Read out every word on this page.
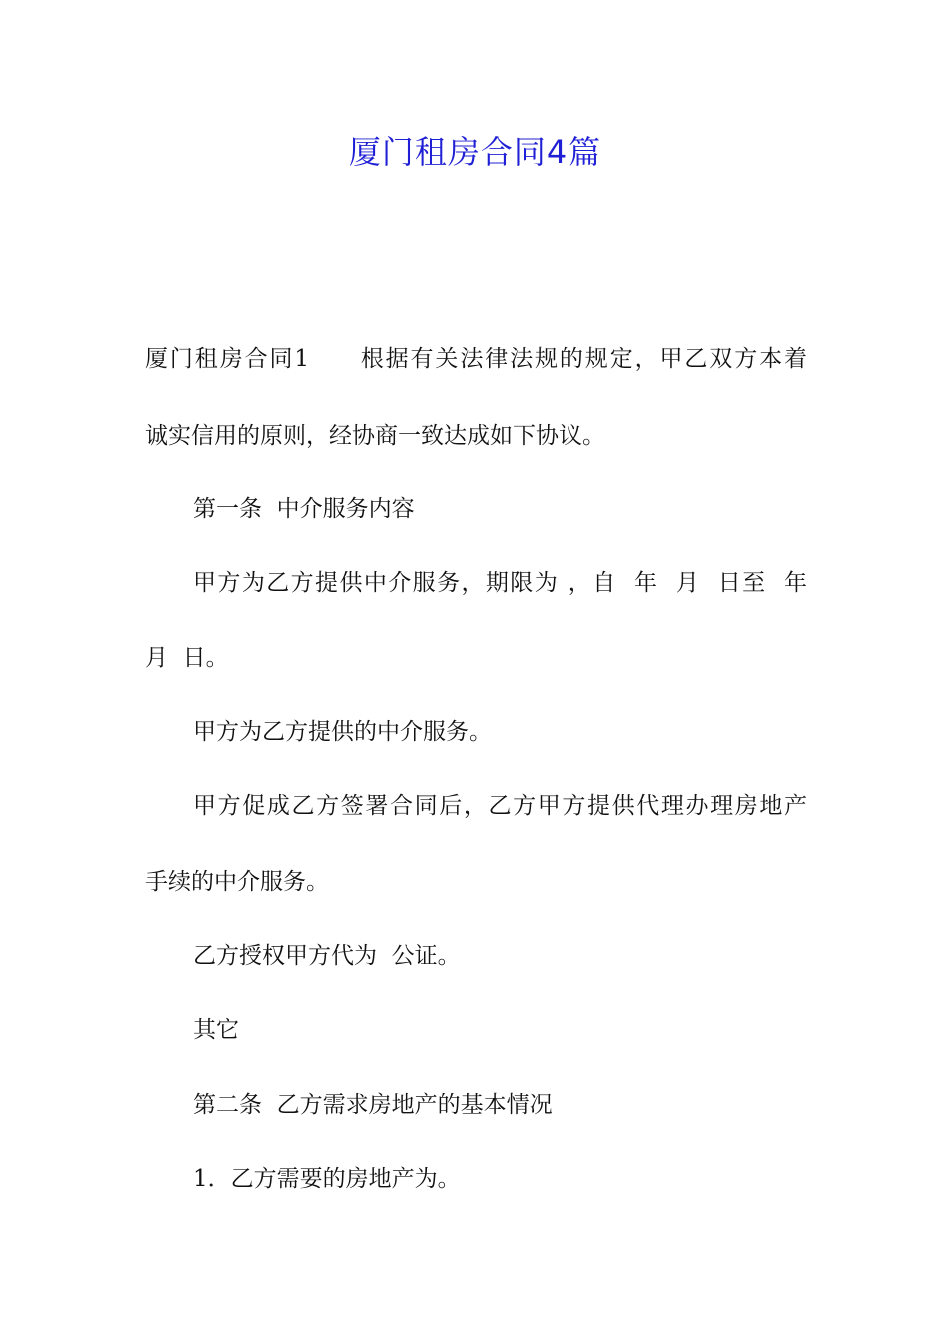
厦门租房合同4篇

厦门租房合同1　　根据有关法律法规的规定，甲乙双方本着

诚实信用的原则，经协商一致达成如下协议。

第一条  中介服务内容

甲方为乙方提供中介服务，期限为 ，自  年  月  日至  年

月  日。

甲方为乙方提供的中介服务。

甲方促成乙方签署合同后，乙方甲方提供代理办理房地产

手续的中介服务。

乙方授权甲方代为  公证。

其它

第二条  乙方需求房地产的基本情况

1．乙方需要的房地产为。
